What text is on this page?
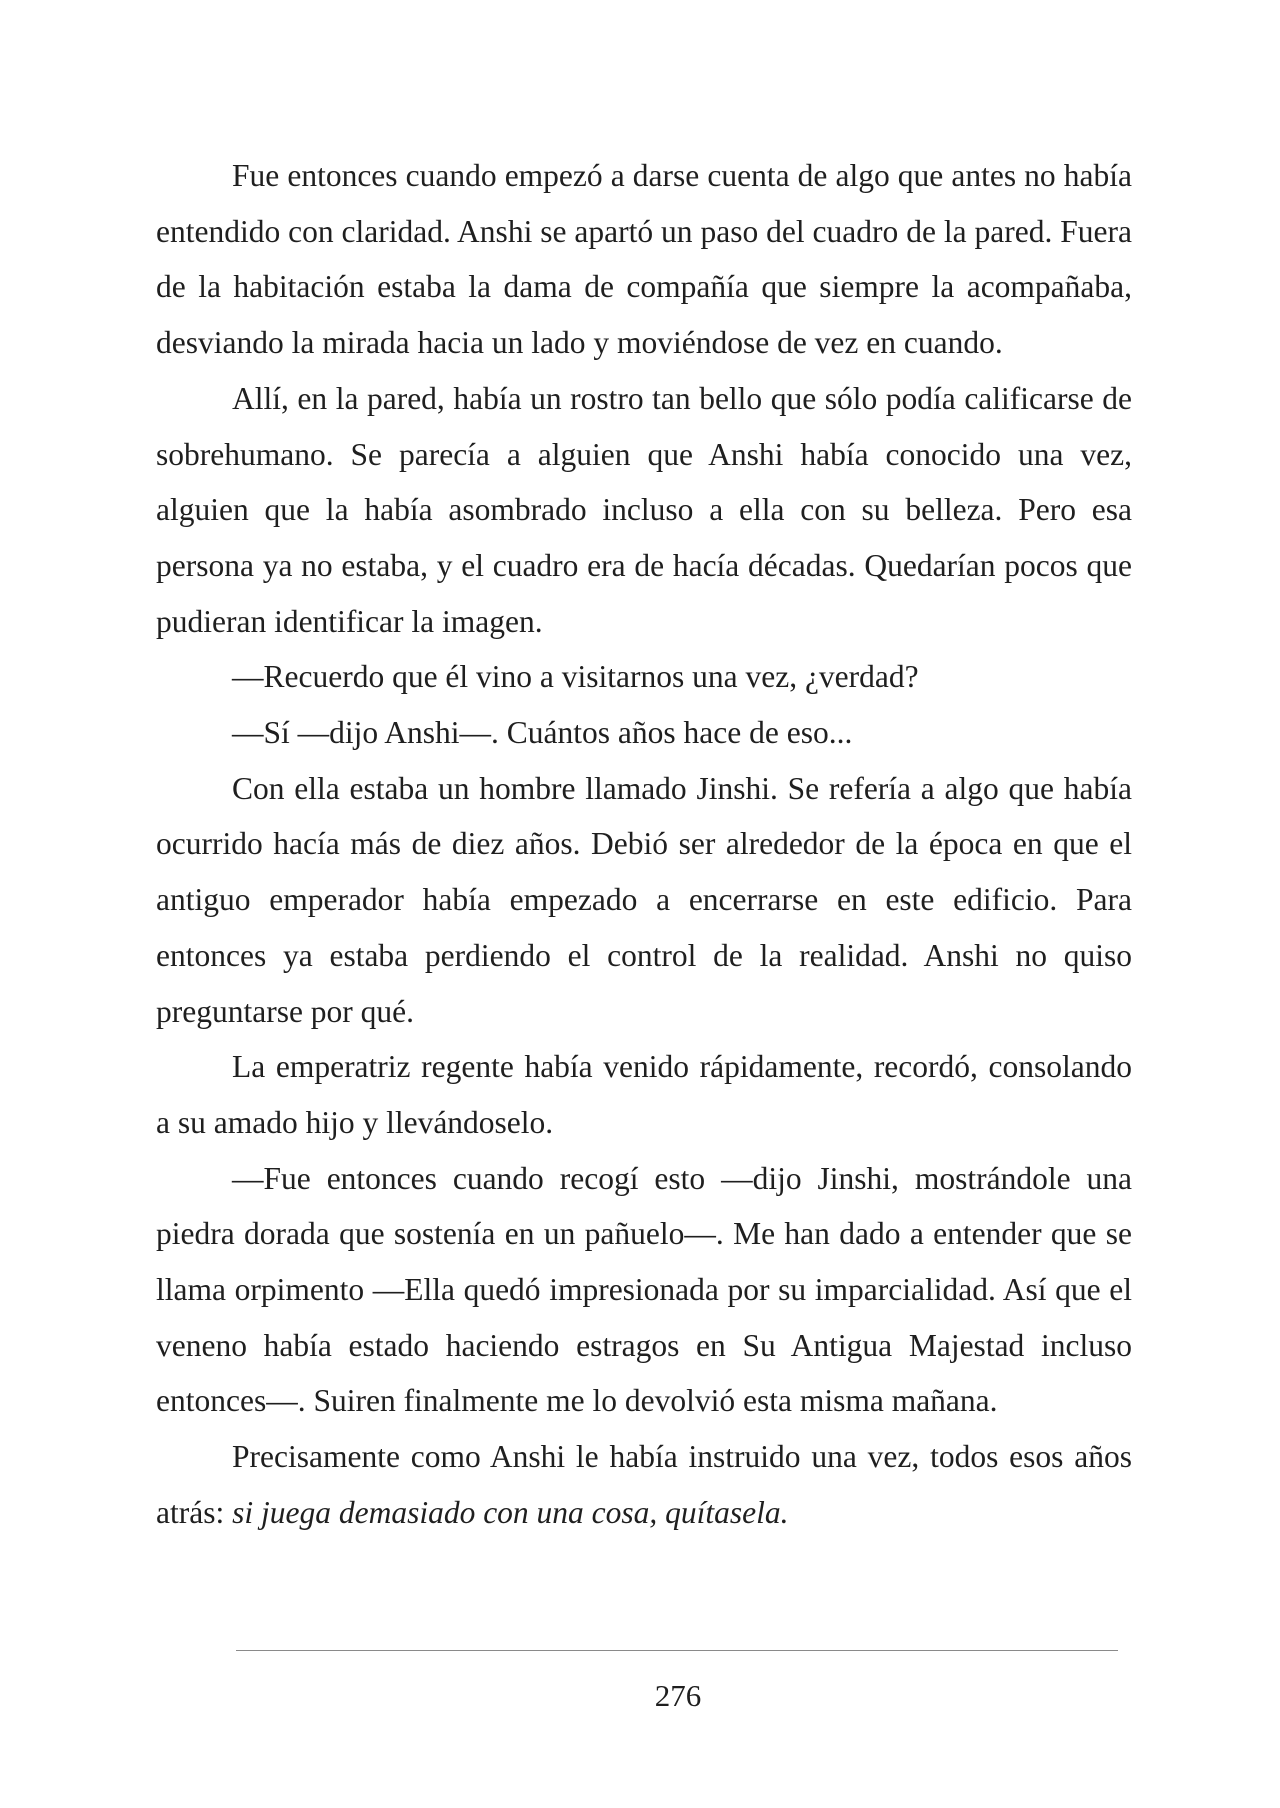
Fue entonces cuando empezó a darse cuenta de algo que antes no había entendido con claridad. Anshi se apartó un paso del cuadro de la pared. Fuera de la habitación estaba la dama de compañía que siempre la acompañaba, desviando la mirada hacia un lado y moviéndose de vez en cuando.

Allí, en la pared, había un rostro tan bello que sólo podía calificarse de sobrehumano. Se parecía a alguien que Anshi había conocido una vez, alguien que la había asombrado incluso a ella con su belleza. Pero esa persona ya no estaba, y el cuadro era de hacía décadas. Quedarían pocos que pudieran identificar la imagen.

—Recuerdo que él vino a visitarnos una vez, ¿verdad?

—Sí —dijo Anshi—. Cuántos años hace de eso...

Con ella estaba un hombre llamado Jinshi. Se refería a algo que había ocurrido hacía más de diez años. Debió ser alrededor de la época en que el antiguo emperador había empezado a encerrarse en este edificio. Para entonces ya estaba perdiendo el control de la realidad. Anshi no quiso preguntarse por qué.

La emperatriz regente había venido rápidamente, recordó, consolando a su amado hijo y llevándoselo.

—Fue entonces cuando recogí esto —dijo Jinshi, mostrándole una piedra dorada que sostenía en un pañuelo—. Me han dado a entender que se llama orpimento —Ella quedó impresionada por su imparcialidad. Así que el veneno había estado haciendo estragos en Su Antigua Majestad incluso entonces—. Suiren finalmente me lo devolvió esta misma mañana.

Precisamente como Anshi le había instruido una vez, todos esos años atrás: si juega demasiado con una cosa, quítasela.

276
